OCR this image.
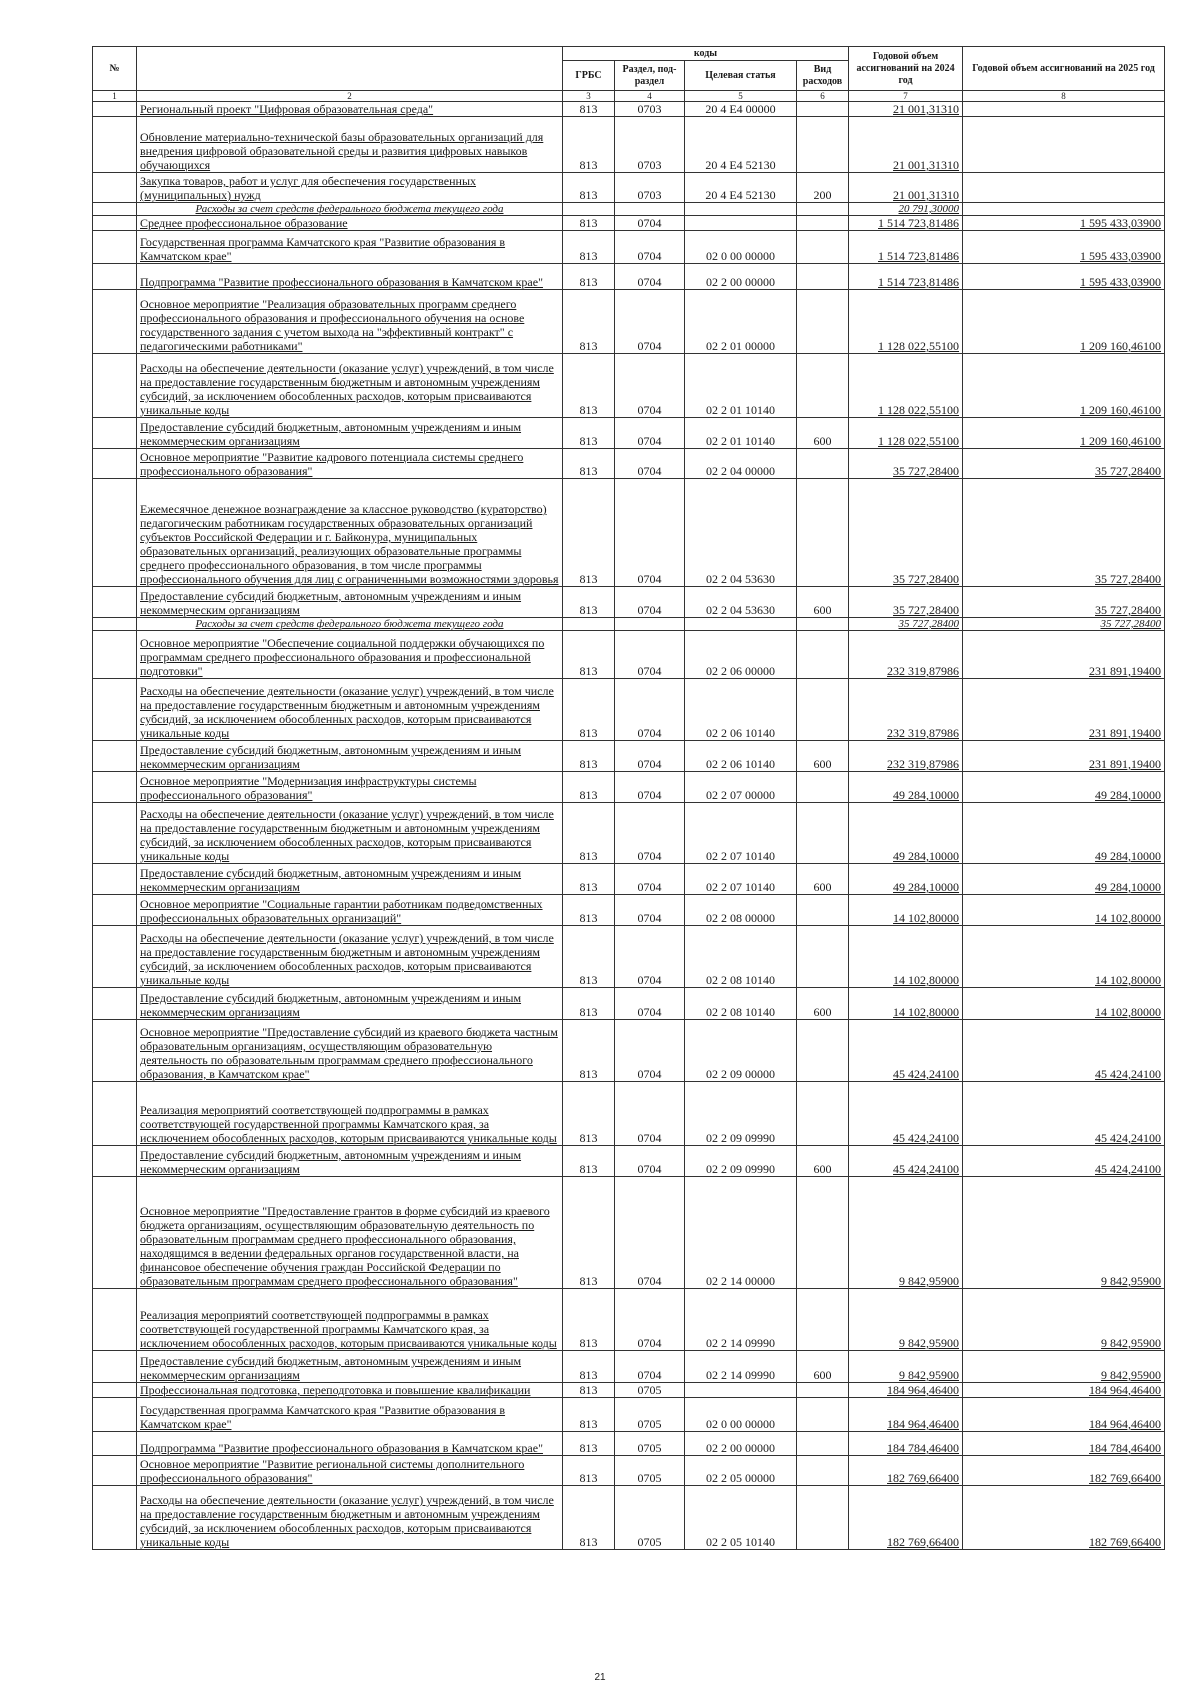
№		коды				Годовой объем ассигнований на 2024 год	Годовой объем ассигнований на 2025 год
		ГРБС	Раздел, под- раздел	Целевая статья	Вид расходов		
1	2	3	4	5	6	7	8
	Региональный проект "Цифровая образовательная среда"	813	0703	20 4 E4 00000		21 001,31310	
	Обновление материально-технической базы образовательных организаций для внедрения цифровой образовательной среды и развития цифровых навыков обучающихся	813	0703	20 4 E4 52130		21 001,31310	
	Закупка товаров, работ и услуг для обеспечения государственных (муниципальных) нужд	813	0703	20 4 E4 52130	200	21 001,31310	
	Расходы за счет средств федерального бюджета текущего года					20 791,30000	
	Среднее профессиональное образование	813	0704			1 514 723,81486	1 595 433,03900
	Государственная программа Камчатского края "Развитие образования в Камчатском крае"	813	0704	02 0 00 00000		1 514 723,81486	1 595 433,03900
	Подпрограмма "Развитие профессионального образования в Камчатском крае"	813	0704	02 2 00 00000		1 514 723,81486	1 595 433,03900
	Основное мероприятие "Реализация образовательных программ среднего профессионального образования и профессионального обучения на основе государственного задания с учетом выхода на "эффективный контракт" с педагогическими работниками"	813	0704	02 2 01 00000		1 128 022,55100	1 209 160,46100
	Расходы на обеспечение деятельности (оказание услуг) учреждений, в том числе на предоставление государственным бюджетным и автономным учреждениям субсидий, за исключением обособленных расходов, которым присваиваются уникальные коды	813	0704	02 2 01 10140		1 128 022,55100	1 209 160,46100
	Предоставление субсидий бюджетным, автономным учреждениям и иным некоммерческим организациям	813	0704	02 2 01 10140	600	1 128 022,55100	1 209 160,46100
	Основное мероприятие "Развитие кадрового потенциала системы среднего профессионального образования"	813	0704	02 2 04 00000		35 727,28400	35 727,28400
	Ежемесячное денежное вознаграждение за классное руководство (кураторство) педагогическим работникам государственных образовательных организаций субъектов Российской Федерации и г. Байконура, муниципальных образовательных организаций, реализующих образовательные программы среднего профессионального образования, в том числе программы профессионального обучения для лиц с ограниченными возможностями здоровья	813	0704	02 2 04 53630		35 727,28400	35 727,28400
	Предоставление субсидий бюджетным, автономным учреждениям и иным некоммерческим организациям	813	0704	02 2 04 53630	600	35 727,28400	35 727,28400
	Расходы за счет средств федерального бюджета текущего года					35 727,28400	35 727,28400
	Основное мероприятие "Обеспечение социальной поддержки обучающихся по программам среднего профессионального образования и профессиональной подготовки"	813	0704	02 2 06 00000		232 319,87986	231 891,19400
	Расходы на обеспечение деятельности (оказание услуг) учреждений, в том числе на предоставление государственным бюджетным и автономным учреждениям субсидий, за исключением обособленных расходов, которым присваиваются уникальные коды	813	0704	02 2 06 10140		232 319,87986	231 891,19400
	Предоставление субсидий бюджетным, автономным учреждениям и иным некоммерческим организациям	813	0704	02 2 06 10140	600	232 319,87986	231 891,19400
	Основное мероприятие "Модернизация инфраструктуры системы профессионального образования"	813	0704	02 2 07 00000		49 284,10000	49 284,10000
	Расходы на обеспечение деятельности (оказание услуг) учреждений, в том числе на предоставление государственным бюджетным и автономным учреждениям субсидий, за исключением обособленных расходов, которым присваиваются уникальные коды	813	0704	02 2 07 10140		49 284,10000	49 284,10000
	Предоставление субсидий бюджетным, автономным учреждениям и иным некоммерческим организациям	813	0704	02 2 07 10140	600	49 284,10000	49 284,10000
	Основное мероприятие "Социальные гарантии работникам подведомственных профессиональных образовательных организаций"	813	0704	02 2 08 00000		14 102,80000	14 102,80000
	Расходы на обеспечение деятельности (оказание услуг) учреждений, в том числе на предоставление государственным бюджетным и автономным учреждениям субсидий, за исключением обособленных расходов, которым присваиваются уникальные коды	813	0704	02 2 08 10140		14 102,80000	14 102,80000
	Предоставление субсидий бюджетным, автономным учреждениям и иным некоммерческим организациям	813	0704	02 2 08 10140	600	14 102,80000	14 102,80000
	Основное мероприятие "Предоставление субсидий из краевого бюджета частным образовательным организациям, осуществляющим образовательную деятельность по образовательным программам среднего профессионального образования, в Камчатском крае"	813	0704	02 2 09 00000		45 424,24100	45 424,24100
	Реализация мероприятий соответствующей подпрограммы в рамках соответствующей государственной программы Камчатского края, за исключением обособленных расходов, которым присваиваются уникальные коды	813	0704	02 2 09 09990		45 424,24100	45 424,24100
	Предоставление субсидий бюджетным, автономным учреждениям и иным некоммерческим организациям	813	0704	02 2 09 09990	600	45 424,24100	45 424,24100
	Основное мероприятие "Предоставление грантов в форме субсидий из краевого бюджета организациям, осуществляющим образовательную деятельность по образовательным программам среднего профессионального образования, находящимся в ведении федеральных органов государственной власти, на финансовое обеспечение обучения граждан Российской Федерации по образовательным программам среднего профессионального образования"	813	0704	02 2 14 00000		9 842,95900	9 842,95900
	Реализация мероприятий соответствующей подпрограммы в рамках соответствующей государственной программы Камчатского края, за исключением обособленных расходов, которым присваиваются уникальные коды	813	0704	02 2 14 09990		9 842,95900	9 842,95900
	Предоставление субсидий бюджетным, автономным учреждениям и иным некоммерческим организациям	813	0704	02 2 14 09990	600	9 842,95900	9 842,95900
	Профессиональная подготовка, переподготовка и повышение квалификации	813	0705			184 964,46400	184 964,46400
	Государственная программа Камчатского края "Развитие образования в Камчатском крае"	813	0705	02 0 00 00000		184 964,46400	184 964,46400
	Подпрограмма "Развитие профессионального образования в Камчатском крае"	813	0705	02 2 00 00000		184 784,46400	184 784,46400
	Основное мероприятие "Развитие региональной системы дополнительного профессионального образования"	813	0705	02 2 05 00000		182 769,66400	182 769,66400
	Расходы на обеспечение деятельности (оказание услуг) учреждений, в том числе на предоставление государственным бюджетным и автономным учреждениям субсидий, за исключением обособленных расходов, которым присваиваются уникальные коды	813	0705	02 2 05 10140		182 769,66400	182 769,66400
21
